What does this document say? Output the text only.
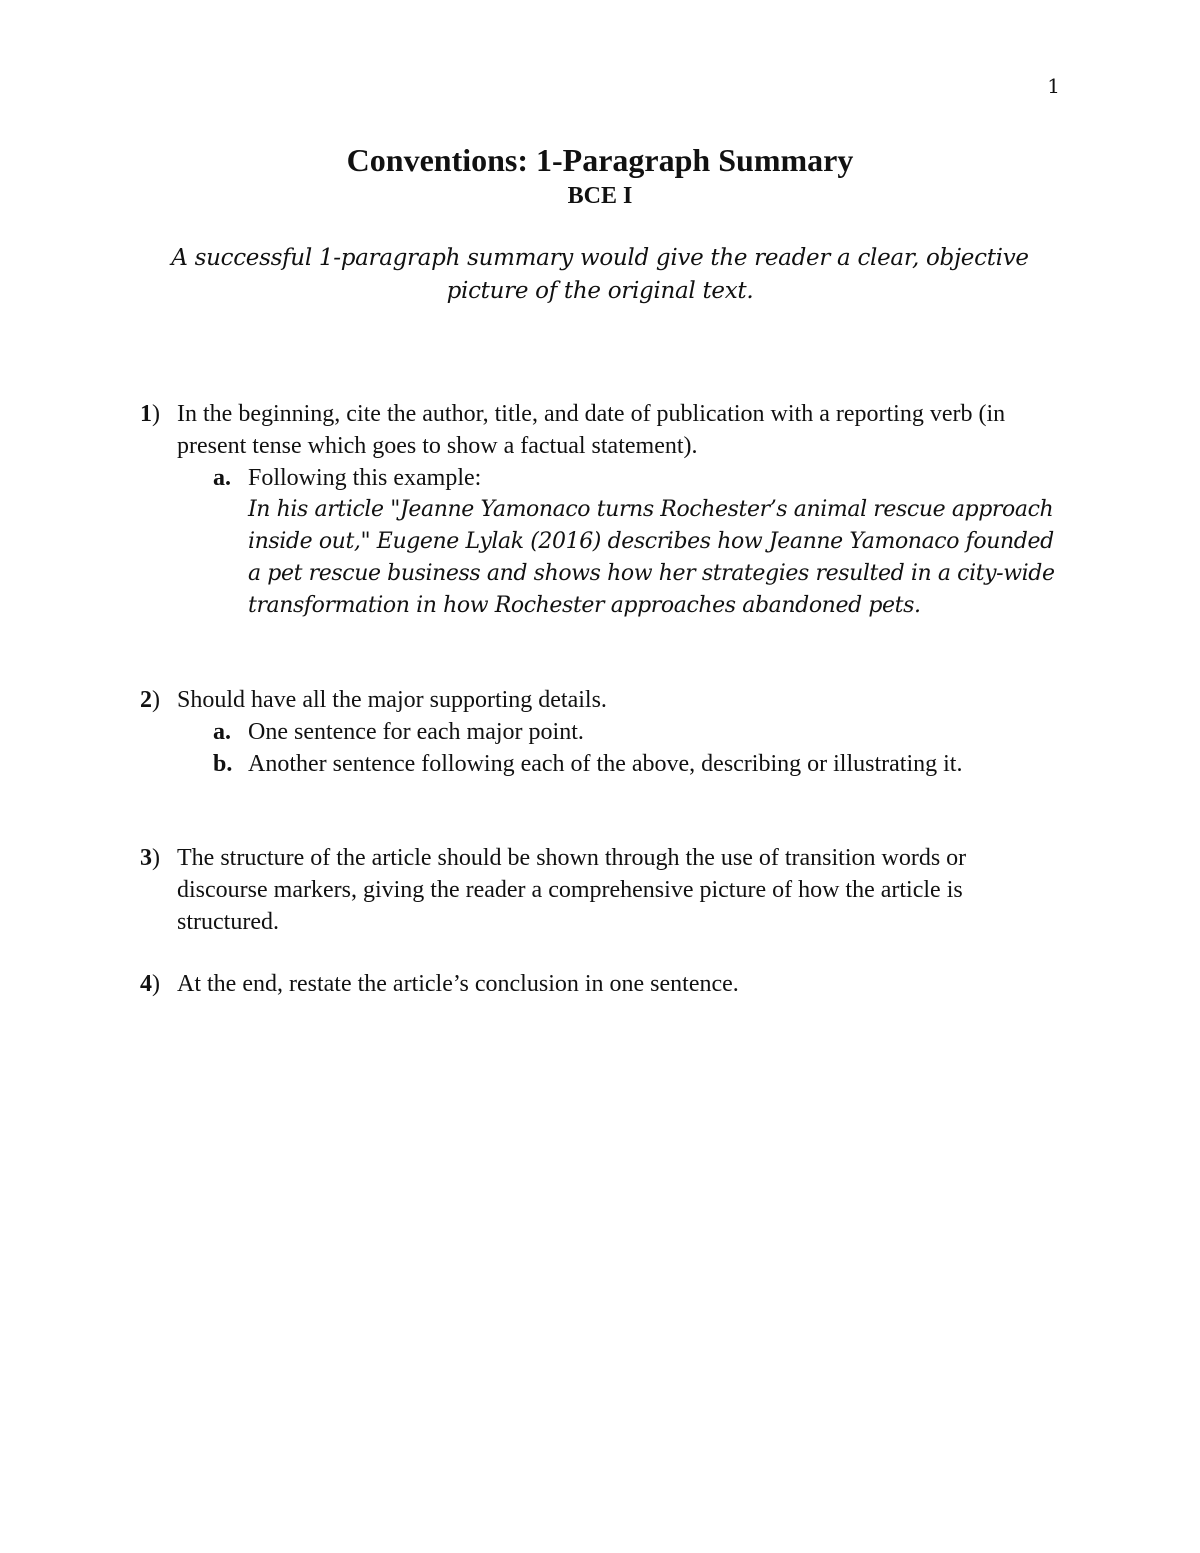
1
Conventions: 1-Paragraph Summary
BCE I
A successful 1-paragraph summary would give the reader a clear, objective picture of the original text.
1) In the beginning, cite the author, title, and date of publication with a reporting verb (in present tense which goes to show a factual statement).
a. Following this example:
In his article "Jeanne Yamonaco turns Rochester’s animal rescue approach inside out," Eugene Lylak (2016) describes how Jeanne Yamonaco founded a pet rescue business and shows how her strategies resulted in a city-wide transformation in how Rochester approaches abandoned pets.
2) Should have all the major supporting details.
a. One sentence for each major point.
b. Another sentence following each of the above, describing or illustrating it.
3) The structure of the article should be shown through the use of transition words or discourse markers, giving the reader a comprehensive picture of how the article is structured.
4) At the end, restate the article’s conclusion in one sentence.
